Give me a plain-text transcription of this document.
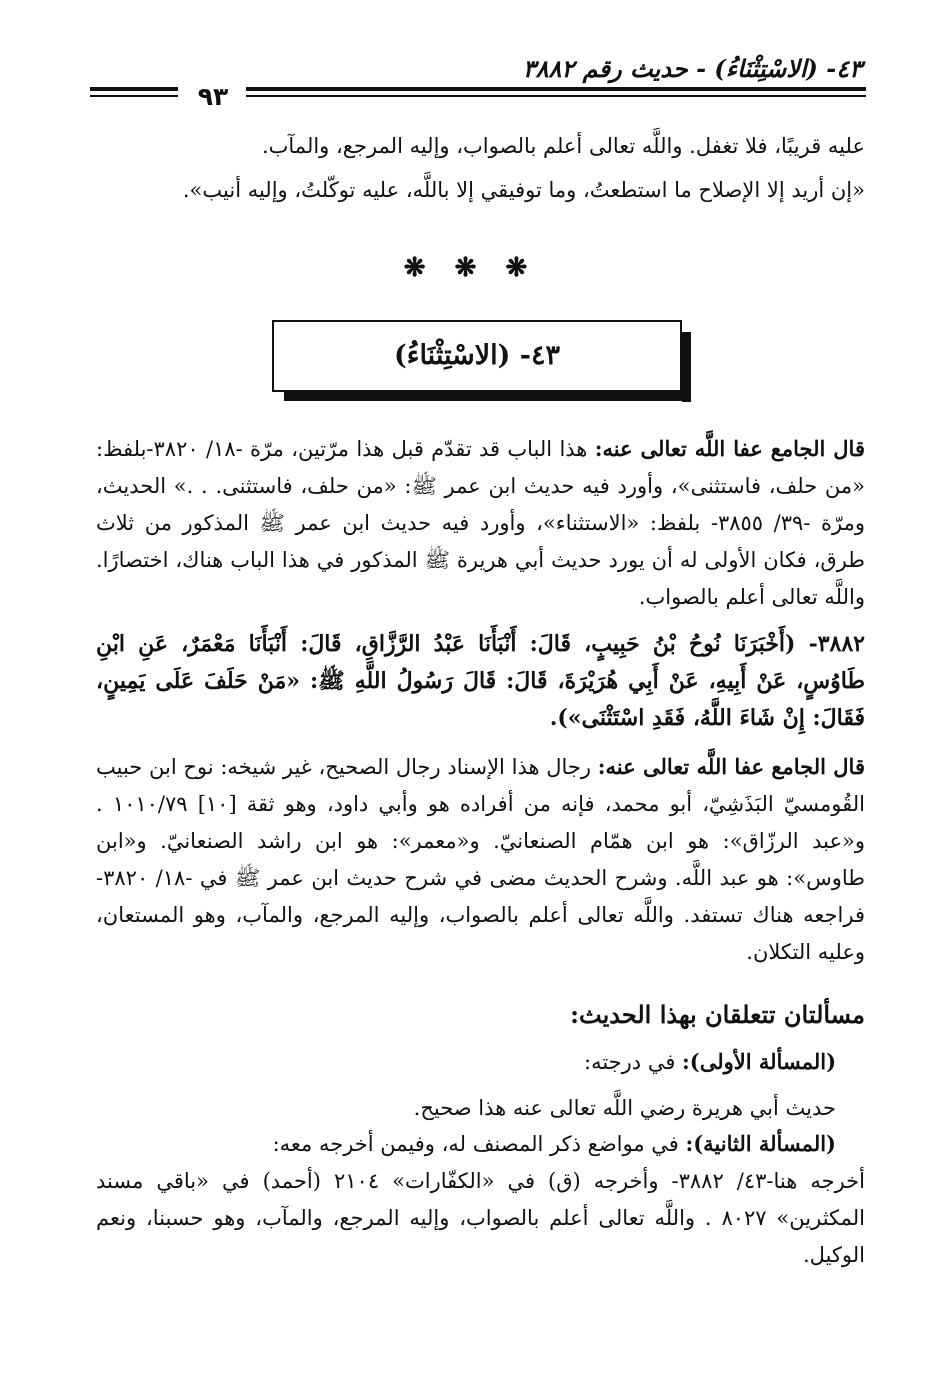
٤٣- (الاسْتِثْنَاءُ) - حديث رقم ٣٨٨٢
٩٣

عليه قريبًا، فلا تغفل. واللَّه تعالى أعلم بالصواب، وإليه المرجع، والمآب.

«إن أريد إلا الإصلاح ما استطعتُ، وما توفيقي إلا باللَّه، عليه توكّلتُ، وإليه أنيب».

❋ ❋ ❋
٤٣- (الاسْتِثْنَاءُ)

قال الجامع عفا اللَّه تعالى عنه: هذا الباب قد تقدّم قبل هذا مرّتين، مرّة -١٨/ ٣٨٢٠-بلفظ: «من حلف، فاستثنى»، وأورد فيه حديث ابن عمر ﷺ: «من حلف، فاستثنى. . .» الحديث، ومرّة -٣٩/ ٣٨٥٥- بلفظ: «الاستثناء»، وأورد فيه حديث ابن عمر ﷺ المذكور من ثلاث طرق، فكان الأولى له أن يورد حديث أبي هريرة ﷺ المذكور في هذا الباب هناك، اختصارًا. واللَّه تعالى أعلم بالصواب.

٣٨٨٢- (أَخْبَرَنَا نُوحُ بْنُ حَبِيبٍ، قَالَ: أَنْبَأَنَا عَبْدُ الرَّزَّاقِ، قَالَ: أَنْبَأَنَا مَعْمَرٌ، عَنِ ابْنِ طَاوُسٍ، عَنْ أَبِيهِ، عَنْ أَبِي هُرَيْرَةَ، قَالَ: قَالَ رَسُولُ اللَّهِ ﷺ: «مَنْ حَلَفَ عَلَى يَمِينٍ، فَقَالَ: إِنْ شَاءَ اللَّهُ، فَقَدِ اسْتَثْنَى»).

قال الجامع عفا اللَّه تعالى عنه: رجال هذا الإسناد رجال الصحيح، غير شيخه: نوح ابن حبيب القُومسيّ البَذَشِيّ، أبو محمد، فإنه من أفراده هو وأبي داود، وهو ثقة [١٠] ١٠١٠/٧٩ . و«عبد الرزّاق»: هو ابن همّام الصنعانيّ. و«معمر»: هو ابن راشد الصنعانيّ. و«ابن طاوس»: هو عبد اللَّه. وشرح الحديث مضى في شرح حديث ابن عمر ﷺ في -١٨/ ٣٨٢٠- فراجعه هناك تستفد. واللَّه تعالى أعلم بالصواب، وإليه المرجع، والمآب، وهو المستعان، وعليه التكلان.

مسألتان تتعلقان بهذا الحديث:
(المسألة الأولى): في درجته:
حديث أبي هريرة رضي اللَّه تعالى عنه هذا صحيح.
(المسألة الثانية): في مواضع ذكر المصنف له، وفيمن أخرجه معه:

أخرجه هنا-٤٣/ ٣٨٨٢- وأخرجه (ق) في «الكفّارات» ٢١٠٤ (أحمد) في «باقي مسند المكثرين» ٨٠٢٧ . واللَّه تعالى أعلم بالصواب، وإليه المرجع، والمآب، وهو حسبنا، ونعم الوكيل.
